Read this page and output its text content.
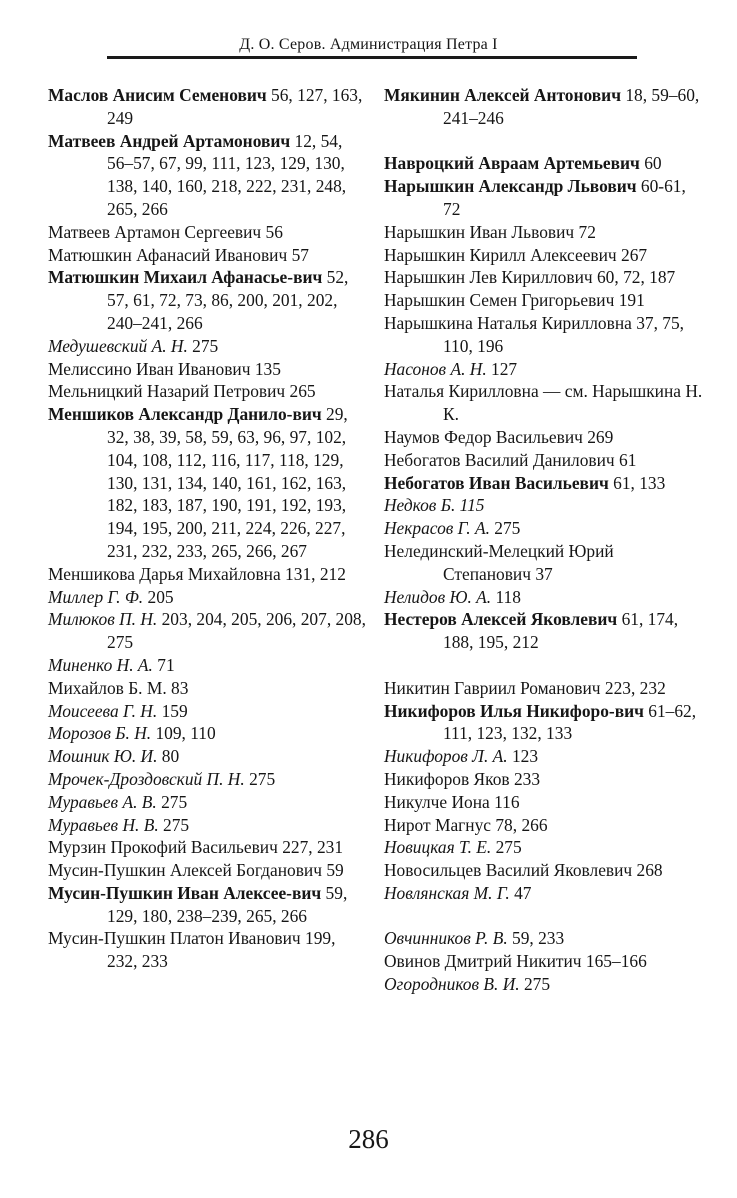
Д. О. Серов. Администрация Петра I
Маслов Анисим Семенович 56, 127, 163, 249
Матвеев Андрей Артамонович 12, 54, 56–57, 67, 99, 111, 123, 129, 130, 138, 140, 160, 218, 222, 231, 248, 265, 266
Матвеев Артамон Сергеевич 56
Матюшкин Афанасий Иванович 57
Матюшкин Михаил Афанасье-вич 52, 57, 61, 72, 73, 86, 200, 201, 202, 240–241, 266
Медушевский А. Н. 275
Мелиссино Иван Иванович 135
Мельницкий Назарий Петрович 265
Меншиков Александр Данило-вич 29, 32, 38, 39, 58, 59, 63, 96, 97, 102, 104, 108, 112, 116, 117, 118, 129, 130, 131, 134, 140, 161, 162, 163, 182, 183, 187, 190, 191, 192, 193, 194, 195, 200, 211, 224, 226, 227, 231, 232, 233, 265, 266, 267
Меншикова Дарья Михайловна 131, 212
Миллер Г. Ф. 205
Милюков П. Н. 203, 204, 205, 206, 207, 208, 275
Миненко Н. А. 71
Михайлов Б. М. 83
Моисеева Г. Н. 159
Морозов Б. Н. 109, 110
Мошник Ю. И. 80
Мрочек-Дроздовский П. Н. 275
Муравьев А. В. 275
Муравьев Н. В. 275
Мурзин Прокофий Васильевич 227, 231
Мусин-Пушкин Алексей Богданович 59
Мусин-Пушкин Иван Алексее-вич 59, 129, 180, 238–239, 265, 266
Мусин-Пушкин Платон Иванович 199, 232, 233
Мякинин Алексей Антонович 18, 59–60, 241–246
Навроцкий Авраам Артемьевич 60
Нарышкин Александр Львович 60-61, 72
Нарышкин Иван Львович 72
Нарышкин Кирилл Алексеевич 267
Нарышкин Лев Кириллович 60, 72, 187
Нарышкин Семен Григорьевич 191
Нарышкина Наталья Кирилловна 37, 75, 110, 196
Насонов А. Н. 127
Наталья Кирилловна — см. Нарышкина Н. К.
Наумов Федор Васильевич 269
Небогатов Василий Данилович 61
Небогатов Иван Васильевич 61, 133
Недков Б. 115
Некрасов Г. А. 275
Нелединский-Мелецкий Юрий Степанович 37
Нелидов Ю. А. 118
Нестеров Алексей Яковлевич 61, 174, 188, 195, 212
Никитин Гавриил Романович 223, 232
Никифоров Илья Никифоро-вич 61–62, 111, 123, 132, 133
Никифоров Л. А. 123
Никифоров Яков 233
Никулче Иона 116
Нирот Магнус 78, 266
Новицкая Т. Е. 275
Новосильцев Василий Яковлевич 268
Новлянская М. Г. 47
Овчинников Р. В. 59, 233
Овинов Дмитрий Никитич 165–166
Огородников В. И. 275
286
